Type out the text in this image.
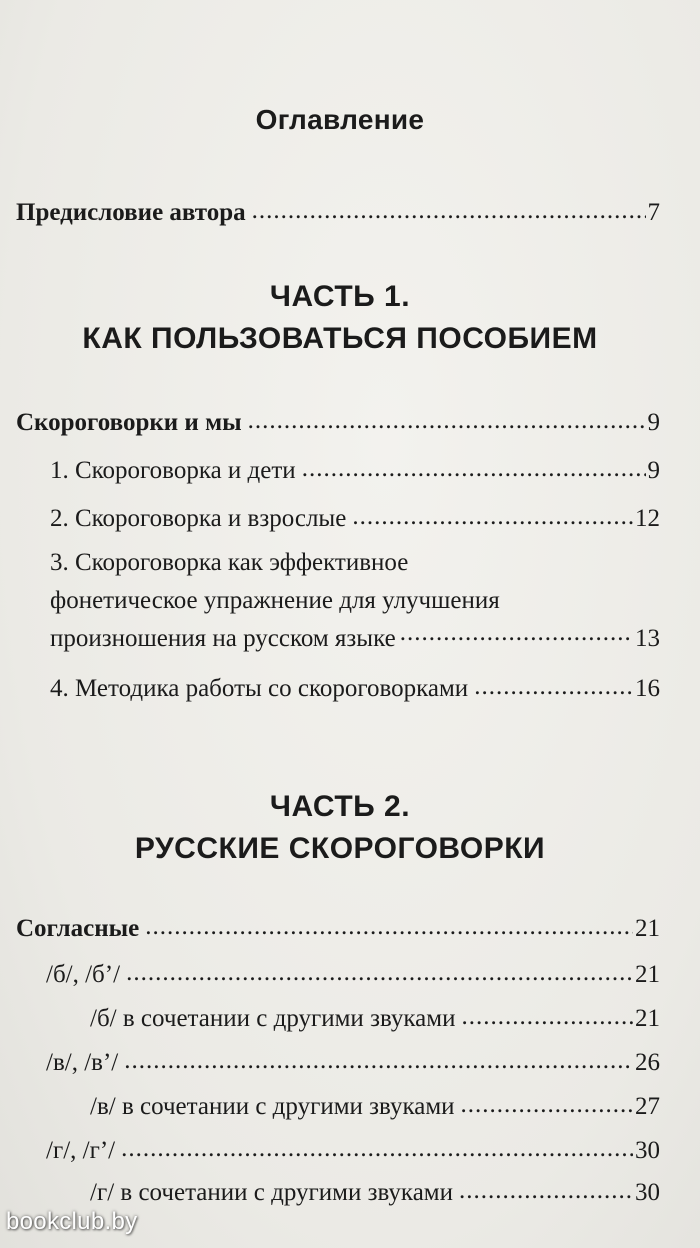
Оглавление
Предисловие автора .....	7
ЧАСТЬ 1.
КАК ПОЛЬЗОВАТЬСЯ ПОСОБИЕМ
Скороговорки и мы .....	9
1. Скороговорка и дети .....	9
2. Скороговорка и взрослые .....	12
3. Скороговорка как эффективное
фонетическое упражнение для улучшения
произношения на русском языке .....	13
4. Методика работы со скороговорками .....	16
ЧАСТЬ 2.
РУССКИЕ СКОРОГОВОРКИ
Согласные .....	21
/б/, /б’/ .....	21
/б/ в сочетании с другими звуками .....	21
/в/, /в’/ .....	26
/в/ в сочетании с другими звуками .....	27
/г/, /г’/ .....	30
/г/ в сочетании с другими звуками .....	30
bookclub.by
